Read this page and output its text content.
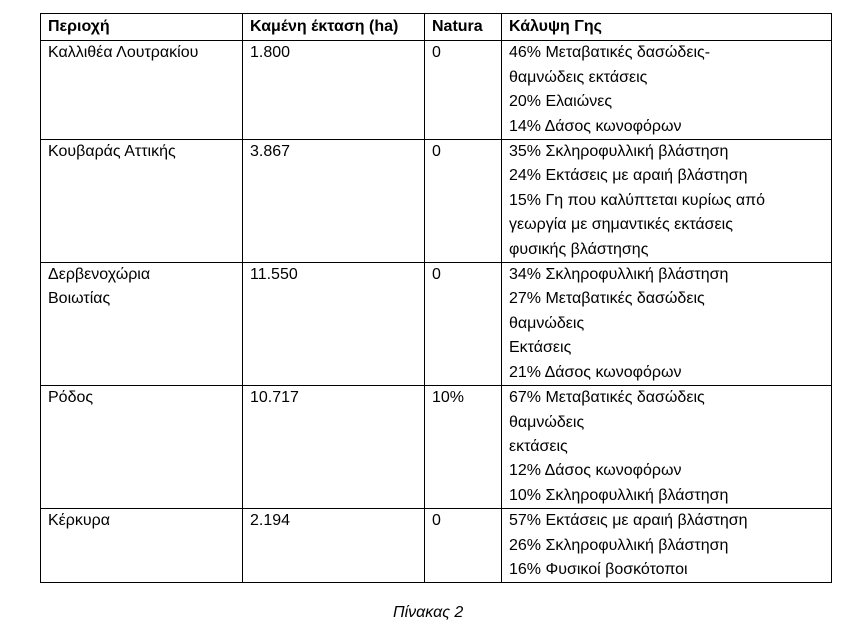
Περιοχή	Καμένη έκταση (ha)	Natura	Κάλυψη Γης
Καλλιθέα Λουτρακίου	1.800	0	46% Μεταβατικές δασώδεις-
θαμνώδεις εκτάσεις
20% Ελαιώνες
14% Δάσος κωνοφόρων

Κουβαράς Αττικής	3.867	0	35% Σκληροφυλλική βλάστηση
24% Εκτάσεις με αραιή βλάστηση
15% Γη που καλύπτεται κυρίως από
γεωργία με σημαντικές εκτάσεις
φυσικής βλάστησης

Δερβενοχώρια Βοιωτίας	11.550	0	34% Σκληροφυλλική βλάστηση
27% Μεταβατικές δασώδεις
θαμνώδεις
Εκτάσεις
21% Δάσος κωνοφόρων

Ρόδος	10.717	10%	67% Μεταβατικές δασώδεις
θαμνώδεις
εκτάσεις
12% Δάσος κωνοφόρων
10% Σκληροφυλλική βλάστηση

Κέρκυρα	2.194	0	57% Εκτάσεις με αραιή βλάστηση
26% Σκληροφυλλική βλάστηση
16% Φυσικοί βοσκότοποι
Πίνακας 2
